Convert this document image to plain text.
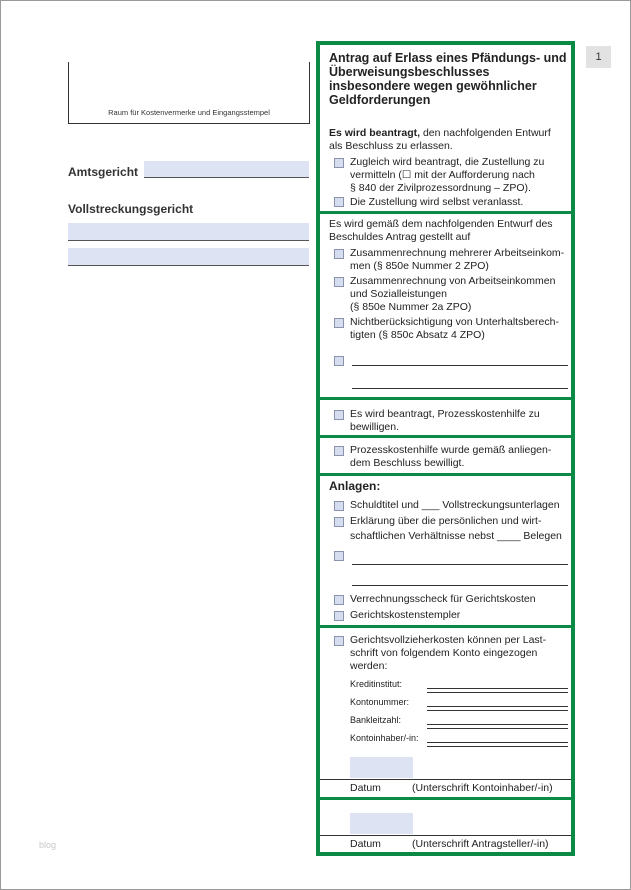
1
Raum für Kostenvermerke und Eingangsstempel
Amtsgericht
Vollstreckungsgericht
blog
Antrag auf Erlass eines Pfändungs- und Überweisungsbeschlusses insbesondere wegen gewöhnlicher Geldforderungen
Es wird beantragt, den nachfolgenden Entwurf
als Beschluss zu erlassen.
Zugleich wird beantragt, die Zustellung zu
vermitteln (☐ mit der Aufforderung nach
§ 840 der Zivilprozessordnung – ZPO).
Die Zustellung wird selbst veranlasst.
Es wird gemäß dem nachfolgenden Entwurf des
Beschuldes Antrag gestellt auf
Zusammenrechnung mehrerer Arbeitseinkom-
men (§ 850e Nummer 2 ZPO)
Zusammenrechnung von Arbeitseinkommen
und Sozialleistungen
(§ 850e Nummer 2a ZPO)
Nichtberücksichtigung von Unterhaltsberech-
tigten (§ 850c Absatz 4 ZPO)
Es wird beantragt, Prozesskostenhilfe zu
bewilligen.
Prozesskostenhilfe wurde gemäß anliegen-
dem Beschluss bewilligt.
Anlagen:
Schuldtitel und ___ Vollstreckungsunterlagen
Erklärung über die persönlichen und wirt-
schaftlichen Verhältnisse nebst ____ Belegen
Verrechnungsscheck für Gerichtskosten
Gerichtskostenstempler
Gerichtsvollzieherkosten können per Last-
schrift von folgendem Konto eingezogen
werden:
Kreditinstitut:
Kontonummer:
Bankleitzahl:
Kontoinhaber/-in:
Datum	(Unterschrift Kontoinhaber/-in)
Datum	(Unterschrift Antragsteller/-in)
